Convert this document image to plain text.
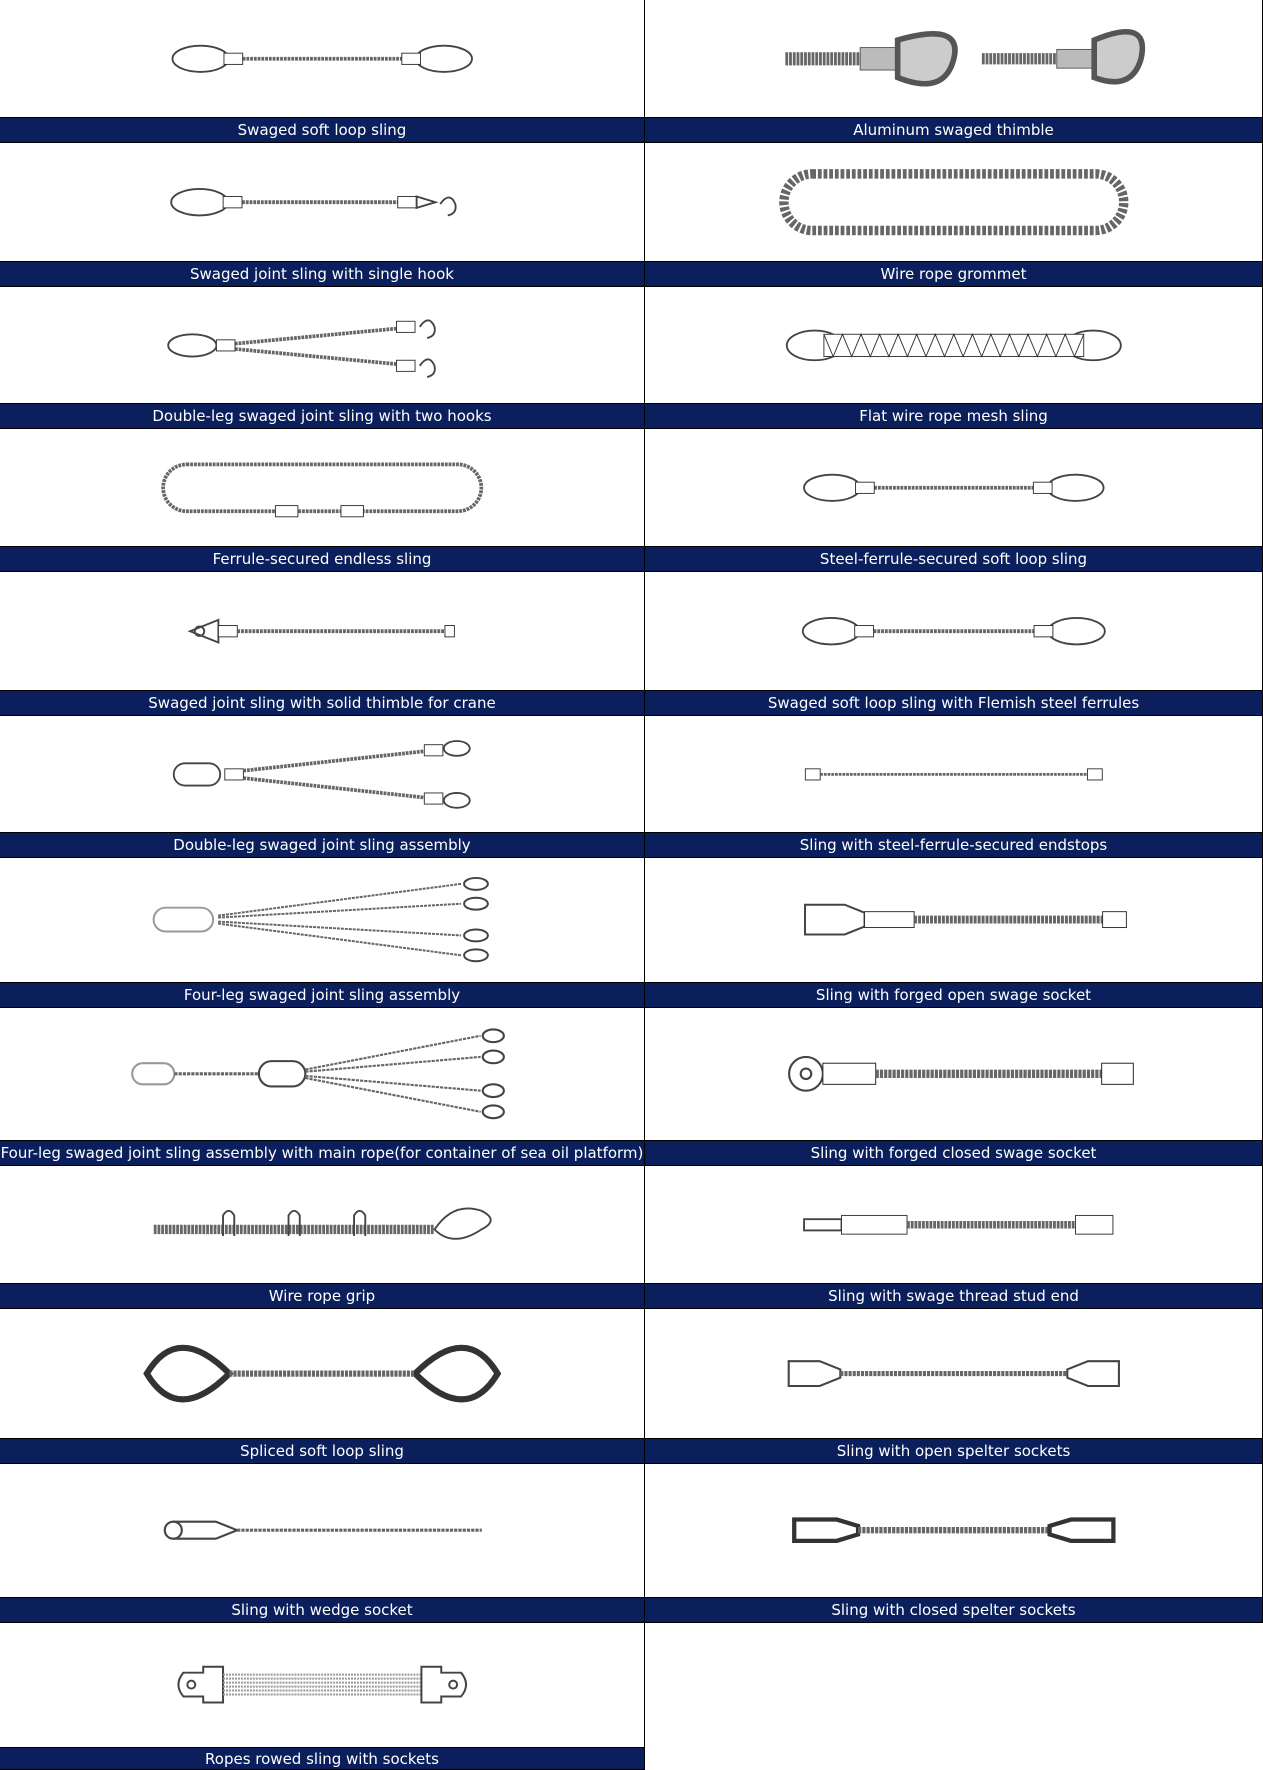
Swaged soft loop sling	Aluminum swaged thimble
Swaged joint sling with single hook	Wire rope grommet
Double-leg swaged joint sling with two hooks	Flat wire rope mesh sling
Ferrule-secured endless sling	Steel-ferrule-secured soft loop sling
Swaged joint sling with solid thimble for crane	Swaged soft loop sling with Flemish steel ferrules
Double-leg swaged joint sling assembly	Sling with steel-ferrule-secured endstops
Four-leg swaged joint sling assembly	Sling with forged open swage socket
Four-leg swaged joint sling assembly with main rope(for container of sea oil platform)	Sling with forged closed swage socket
Wire rope grip	Sling with swage thread stud end
Spliced soft loop sling	Sling with open spelter sockets
Sling with wedge socket	Sling with closed spelter sockets
Ropes rowed sling with sockets
